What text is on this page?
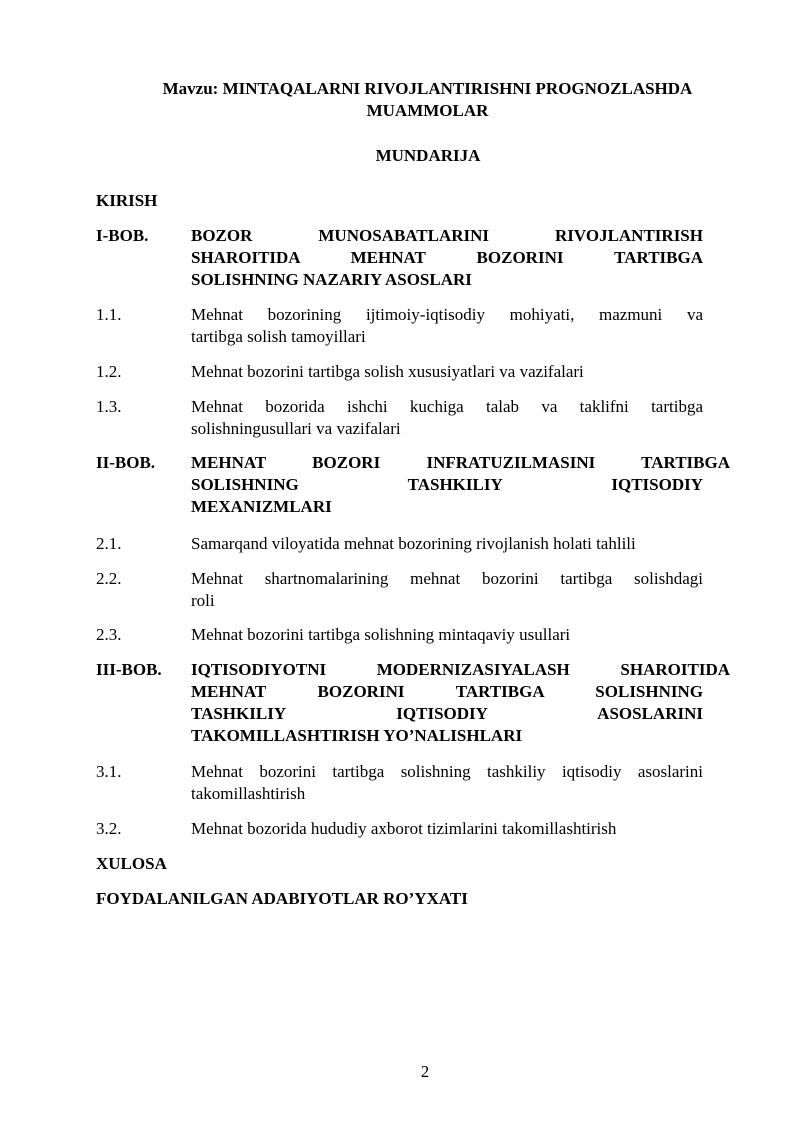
Mavzu: MINTAQALARNI RIVOJLANTIRISHNI PROGNOZLASHDA
MUAMMOLAR
MUNDARIJA
KIRISH
I-BOB.	BOZOR MUNOSABATLARINI RIVOJLANTIRISH
SHAROITIDA MEHNAT BOZORINI TARTIBGA
SOLISHNING NAZARIY ASOSLARI
1.1.	Mehnat bozorining ijtimoiy-iqtisodiy mohiyati, mazmuni va
tartibga solish tamoyillari
1.2.	Mehnat bozorini tartibga solish xususiyatlari va vazifalari
1.3.	Mehnat bozorida ishchi kuchiga talab va taklifni tartibga
solishningusullari va vazifalari
II-BOB.	MEHNAT BOZORI INFRATUZILMASINI TARTIBGA
SOLISHNING TASHKILIY IQTISODIY
MEXANIZMLARI
2.1.	Samarqand viloyatida mehnat bozorining rivojlanish holati tahlili
2.2.	Mehnat shartnomalarining mehnat bozorini tartibga solishdagi
roli
2.3.	Mehnat bozorini tartibga solishning mintaqaviy usullari
III-BOB.	IQTISODIYOTNI MODERNIZASIYALASH SHAROITIDA
MEHNAT BOZORINI TARTIBGA SOLISHNING
TASHKILIY IQTISODIY ASOSLARINI
TAKOMILLASHTIRISH YO’NALISHLARI
3.1.	Mehnat bozorini tartibga solishning tashkiliy iqtisodiy asoslarini
takomillashtirish
3.2.	Mehnat bozorida hududiy axborot tizimlarini takomillashtirish
XULOSA
FOYDALANILGAN ADABIYOTLAR RO’YXATI
2
